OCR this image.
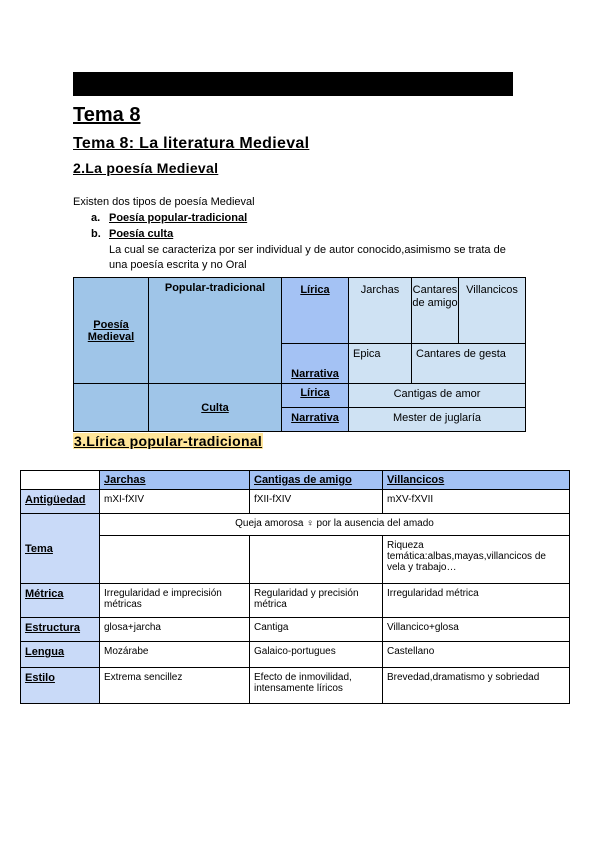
Tema 8
Tema 8: La literatura Medieval
2.La poesía Medieval
Existen dos tipos de poesía Medieval
a. Poesía popular-tradicional
b. Poesía culta
La cual se caracteriza por ser individual y de autor conocido,asimismo se trata de una poesía escrita y no Oral
Poesía Medieval	Popular-tradicional	Lírica	Jarchas	Cantares de amigo	Villancicos
		Narrativa	Epica	Cantares de gesta	
	Culta	Lírica	Cantigas de amor		
		Narrativa	Mester de juglaría		
3.Lírica popular-tradicional
	Jarchas	Cantigas de amigo	Villancicos
Antigüedad	mXI-fXIV	fXII-fXIV	mXV-fXVII
Tema	Queja amorosa ♀ por la ausencia del amado		
			Riqueza temática:albas,mayas,villancicos de vela y trabajo…
Métrica	Irregularidad e imprecisión métricas	Regularidad y precisión métrica	Irregularidad métrica
Estructura	glosa+jarcha	Cantiga	Villancico+glosa
Lengua	Mozárabe	Galaico-portugues	Castellano
Estilo	Extrema sencillez	Efecto de inmovilidad, intensamente líricos	Brevedad,dramatismo y sobriedad
